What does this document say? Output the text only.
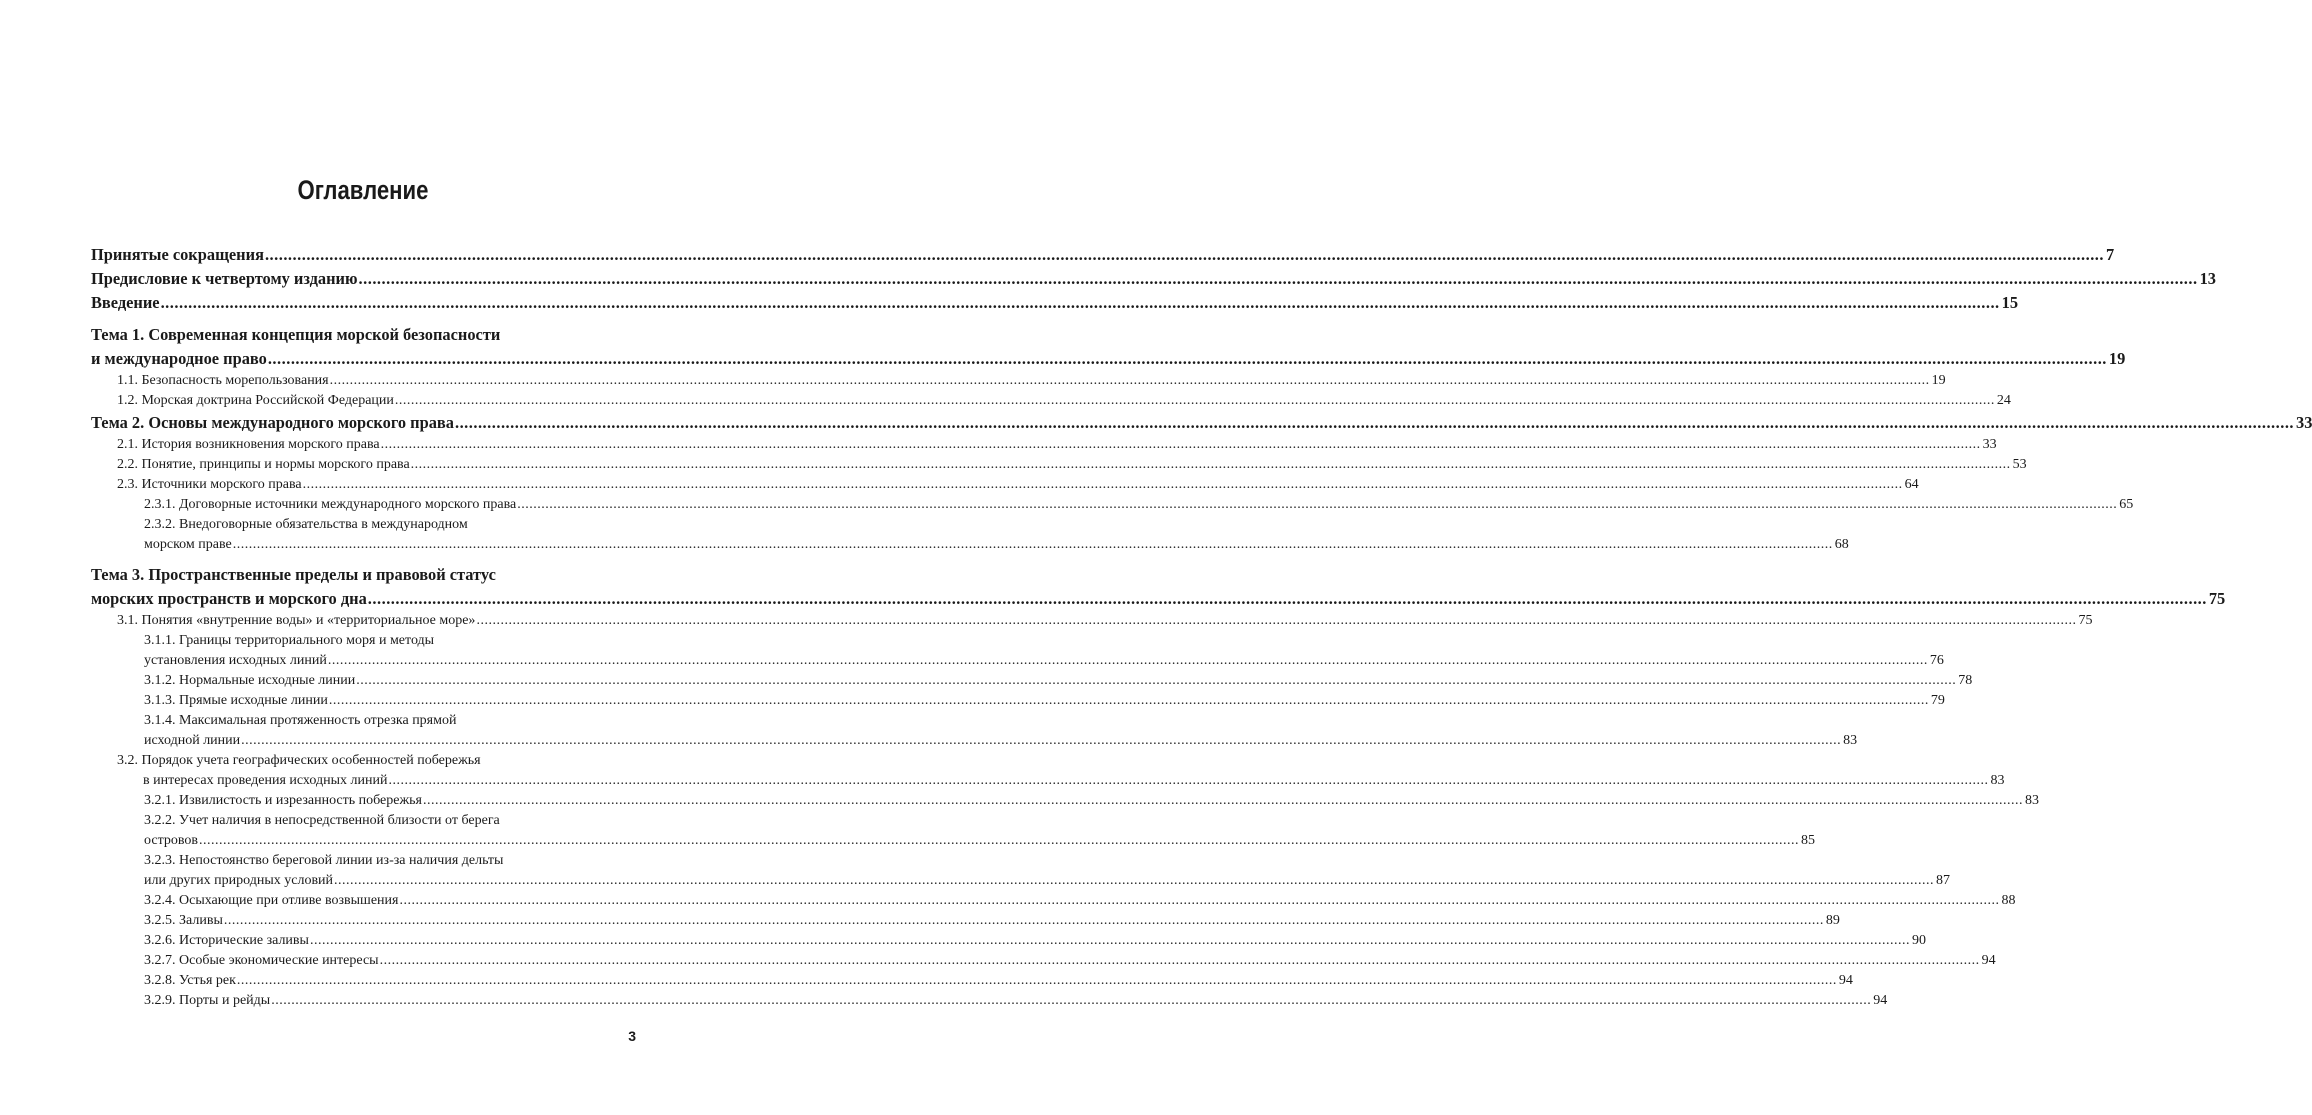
Оглавление
Принятые сокращения ................................................................................................................................................................................................................................................................................................................................................................................................................ 7
Предисловие к четвертому изданию ................................................................................................................................................................................................................................................................................................................................................................................................................ 13
Введение ................................................................................................................................................................................................................................................................................................................................................................................................................ 15
Тема 1. Современная концепция морской безопасности
и международное право ................................................................................................................................................................................................................................................................................................................................................................................................................ 19
1.1. Безопасность морепользования ................................................................................................................................................................................................................................................................................................................................................................................................................ 19
1.2. Морская доктрина Российской Федерации ................................................................................................................................................................................................................................................................................................................................................................................................................ 24
Тема 2. Основы международного морского права ................................................................................................................................................................................................................................................................................................................................................................................................................ 33
2.1. История возникновения морского права ................................................................................................................................................................................................................................................................................................................................................................................................................ 33
2.2. Понятие, принципы и нормы морского права ................................................................................................................................................................................................................................................................................................................................................................................................................ 53
2.3. Источники морского права ................................................................................................................................................................................................................................................................................................................................................................................................................ 64
2.3.1. Договорные источники международного морского права ................................................................................................................................................................................................................................................................................................................................................................................................................ 65
2.3.2. Внедоговорные обязательства в международном
морском праве ................................................................................................................................................................................................................................................................................................................................................................................................................ 68
Тема 3. Пространственные пределы и правовой статус
морских пространств и морского дна ................................................................................................................................................................................................................................................................................................................................................................................................................ 75
3.1. Понятия «внутренние воды» и «территориальное море» ................................................................................................................................................................................................................................................................................................................................................................................................................ 75
3.1.1. Границы территориального моря и методы
установления исходных линий ................................................................................................................................................................................................................................................................................................................................................................................................................ 76
3.1.2. Нормальные исходные линии ................................................................................................................................................................................................................................................................................................................................................................................................................ 78
3.1.3. Прямые исходные линии ................................................................................................................................................................................................................................................................................................................................................................................................................ 79
3.1.4. Максимальная протяженность отрезка прямой
исходной линии ................................................................................................................................................................................................................................................................................................................................................................................................................ 83
3.2. Порядок учета географических особенностей побережья
в интересах проведения исходных линий ................................................................................................................................................................................................................................................................................................................................................................................................................ 83
3.2.1. Извилистость и изрезанность побережья ................................................................................................................................................................................................................................................................................................................................................................................................................ 83
3.2.2. Учет наличия в непосредственной близости от берега
островов ................................................................................................................................................................................................................................................................................................................................................................................................................ 85
3.2.3. Непостоянство береговой линии из-за наличия дельты
или других природных условий ................................................................................................................................................................................................................................................................................................................................................................................................................ 87
3.2.4. Осыхающие при отливе возвышения ................................................................................................................................................................................................................................................................................................................................................................................................................ 88
3.2.5. Заливы ................................................................................................................................................................................................................................................................................................................................................................................................................ 89
3.2.6. Исторические заливы ................................................................................................................................................................................................................................................................................................................................................................................................................ 90
3.2.7. Особые экономические интересы ................................................................................................................................................................................................................................................................................................................................................................................................................ 94
3.2.8. Устья рек ................................................................................................................................................................................................................................................................................................................................................................................................................ 94
3.2.9. Порты и рейды ................................................................................................................................................................................................................................................................................................................................................................................................................ 94
3
